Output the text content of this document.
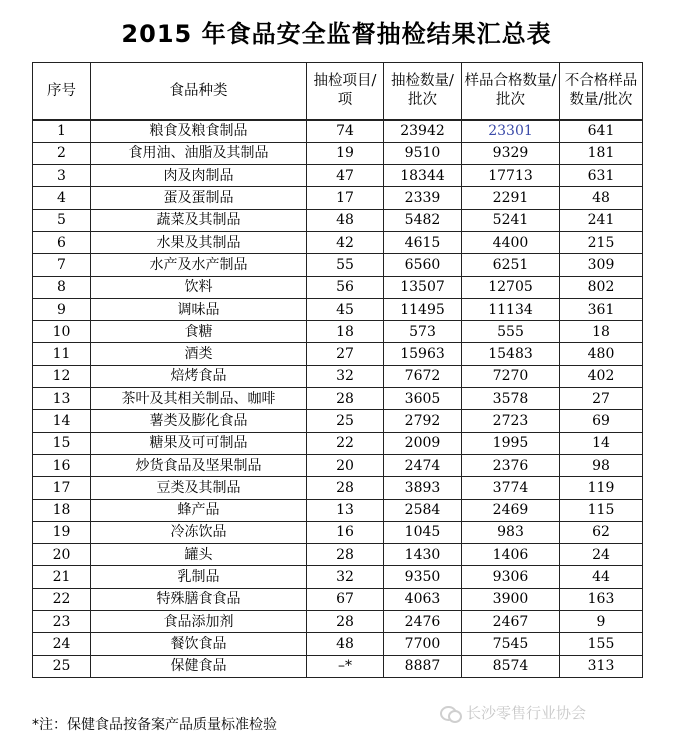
2015 年食品安全监督抽检结果汇总表
序号	食品种类	抽检项目/项	抽检数量/批次	样品合格数量/批次	不合格样品数量/批次
1	粮食及粮食制品	74	23942	23301	641
2	食用油、油脂及其制品	19	9510	9329	181
3	肉及肉制品	47	18344	17713	631
4	蛋及蛋制品	17	2339	2291	48
5	蔬菜及其制品	48	5482	5241	241
6	水果及其制品	42	4615	4400	215
7	水产及水产制品	55	6560	6251	309
8	饮料	56	13507	12705	802
9	调味品	45	11495	11134	361
10	食糖	18	573	555	18
11	酒类	27	15963	15483	480
12	焙烤食品	32	7672	7270	402
13	茶叶及其相关制品、咖啡	28	3605	3578	27
14	薯类及膨化食品	25	2792	2723	69
15	糖果及可可制品	22	2009	1995	14
16	炒货食品及坚果制品	20	2474	2376	98
17	豆类及其制品	28	3893	3774	119
18	蜂产品	13	2584	2469	115
19	冷冻饮品	16	1045	983	62
20	罐头	28	1430	1406	24
21	乳制品	32	9350	9306	44
22	特殊膳食食品	67	4063	3900	163
23	食品添加剂	28	2476	2467	9
24	餐饮食品	48	7700	7545	155
25	保健食品	–*	8887	8574	313
*注：保健食品按备案产品质量标准检验
长沙零售行业协会
